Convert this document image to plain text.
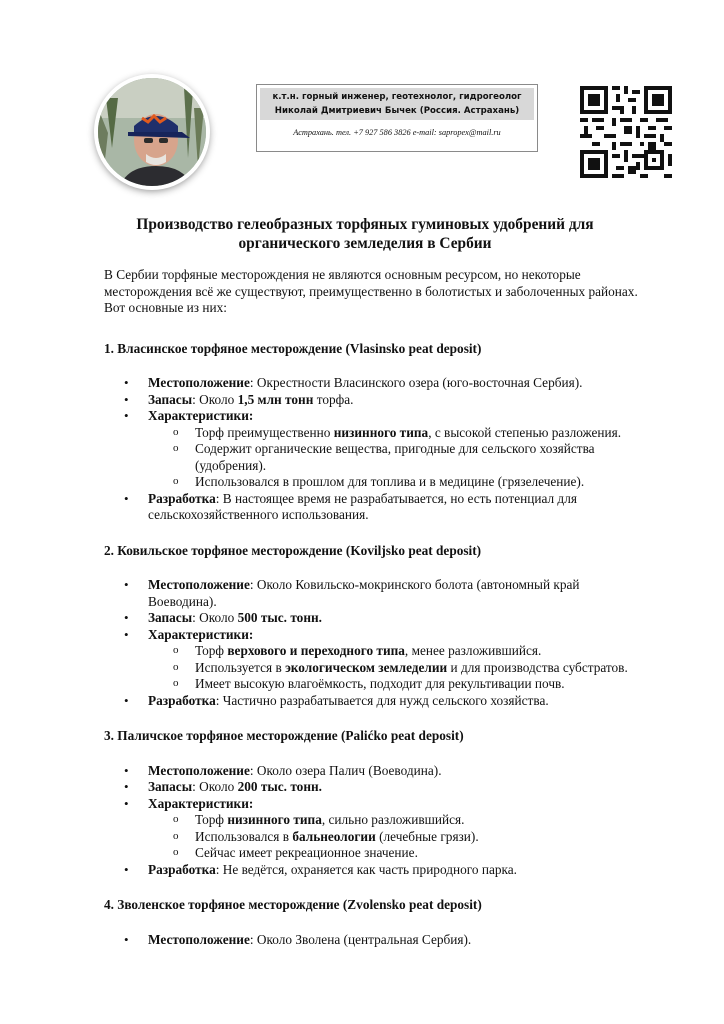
к.т.н. горный инженер, геотехнолог, гидрогеолог
Николай Дмитриевич Бычек (Россия. Астрахань)
Астрахань. тел. +7 927 586 3826 e-mail: sapropex@mail.ru
Производство гелеобразных торфяных гуминовых удобрений для
органического земледелия в Сербии

В Сербии торфяные месторождения не являются основным ресурсом, но некоторые месторождения всё же существуют, преимущественно в болотистых и заболоченных районах. Вот основные из них:

1. Власинское торфяное месторождение (Vlasinsko peat deposit)

• Местоположение: Окрестности Власинского озера (юго-восточная Сербия).
• Запасы: Около 1,5 млн тонн торфа.
• Характеристики:
o Торф преимущественно низинного типа, с высокой степенью разложения.
o Содержит органические вещества, пригодные для сельского хозяйства (удобрения).
o Использовался в прошлом для топлива и в медицине (грязелечение).
• Разработка: В настоящее время не разрабатывается, но есть потенциал для сельскохозяйственного использования.

2. Ковильское торфяное месторождение (Koviljsko peat deposit)

• Местоположение: Около Ковильско-мокринского болота (автономный край Воеводина).
• Запасы: Около 500 тыс. тонн.
• Характеристики:
o Торф верхового и переходного типа, менее разложившийся.
o Используется в экологическом земледелии и для производства субстратов.
o Имеет высокую влагоёмкость, подходит для рекультивации почв.
• Разработка: Частично разрабатывается для нужд сельского хозяйства.

3. Паличское торфяное месторождение (Palićko peat deposit)

• Местоположение: Около озера Палич (Воеводина).
• Запасы: Около 200 тыс. тонн.
• Характеристики:
o Торф низинного типа, сильно разложившийся.
o Использовался в бальнеологии (лечебные грязи).
o Сейчас имеет рекреационное значение.
• Разработка: Не ведётся, охраняется как часть природного парка.

4. Зволенское торфяное месторождение (Zvolensko peat deposit)

• Местоположение: Около Зволена (центральная Сербия).
